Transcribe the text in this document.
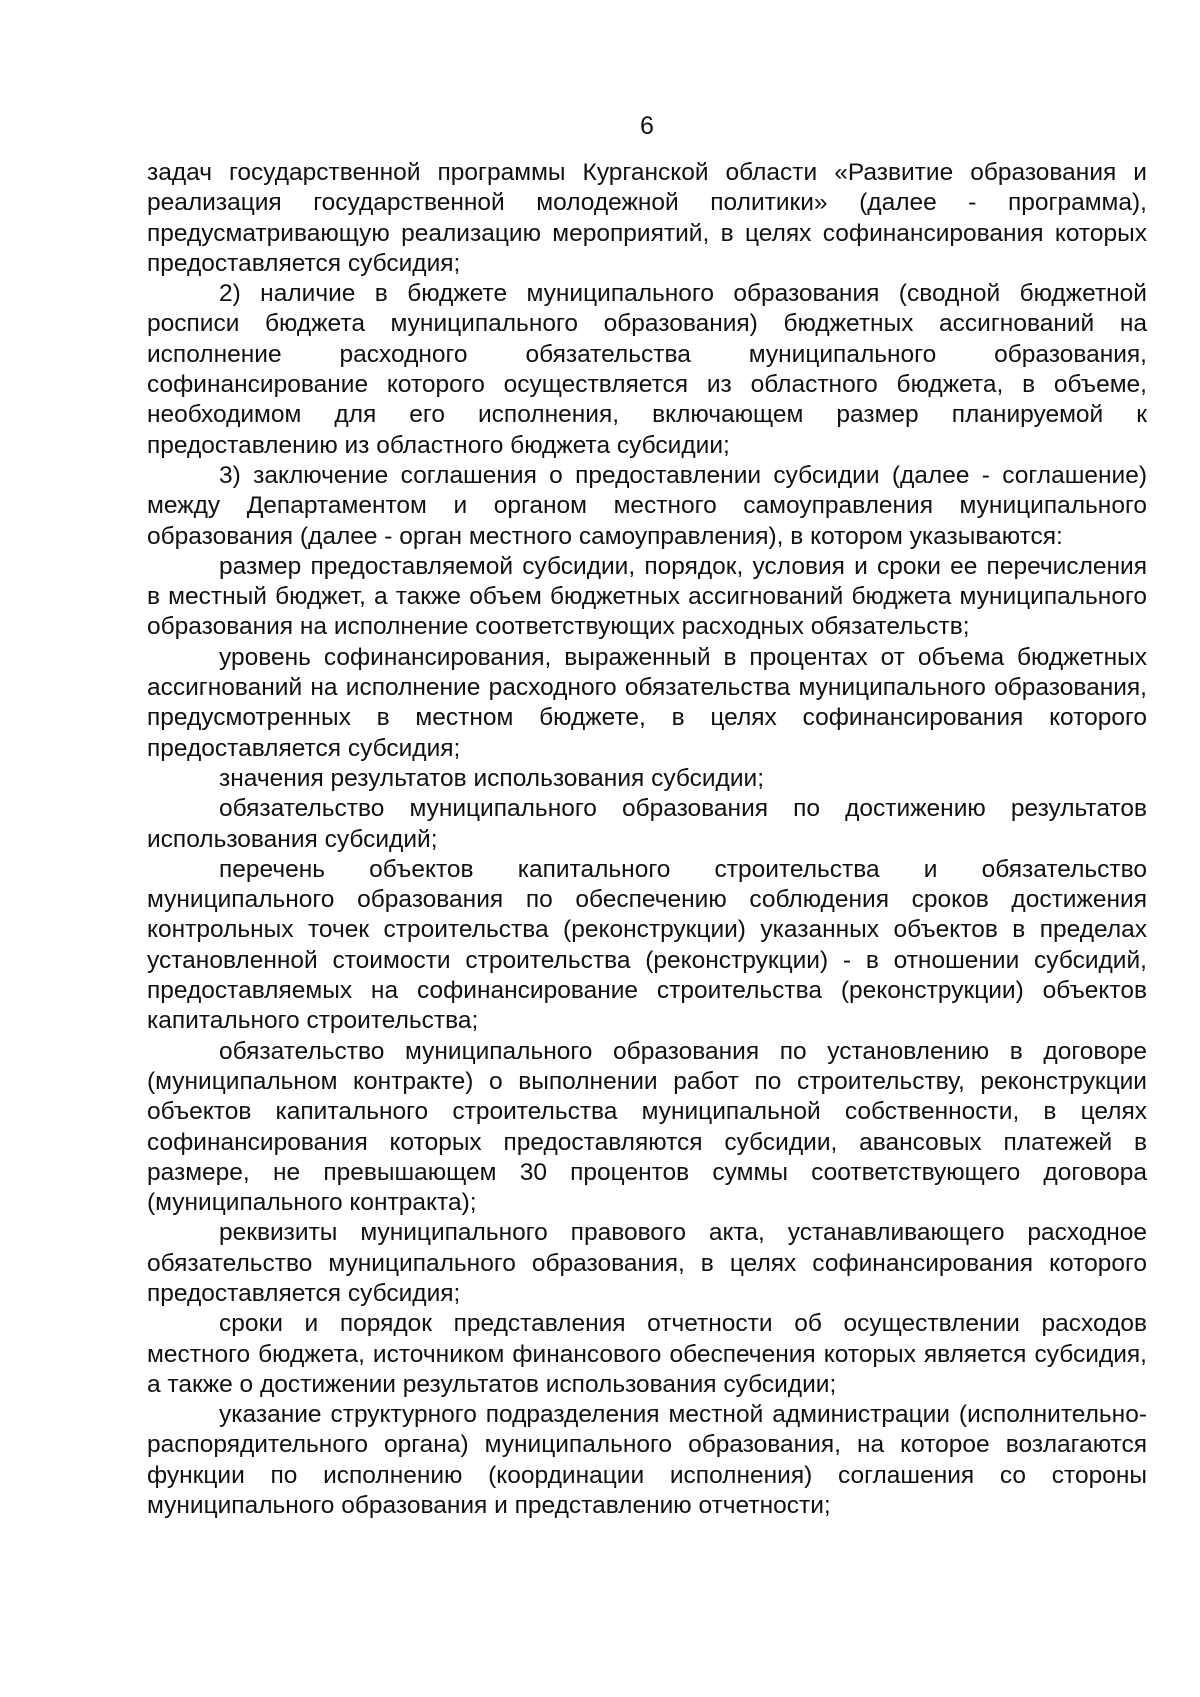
6

задач государственной программы Курганской области «Развитие образования и реализация государственной молодежной политики» (далее - программа), предусматривающую реализацию мероприятий, в целях софинансирования которых предоставляется субсидия;

2) наличие в бюджете муниципального образования (сводной бюджетной росписи бюджета муниципального образования) бюджетных ассигнований на исполнение расходного обязательства муниципального образования, софинансирование которого осуществляется из областного бюджета, в объеме, необходимом для его исполнения, включающем размер планируемой к предоставлению из областного бюджета субсидии;

3) заключение соглашения о предоставлении субсидии (далее - соглашение) между Департаментом и органом местного самоуправления муниципального образования (далее - орган местного самоуправления), в котором указываются:

размер предоставляемой субсидии, порядок, условия и сроки ее перечисления в местный бюджет, а также объем бюджетных ассигнований бюджета муниципального образования на исполнение соответствующих расходных обязательств;

уровень софинансирования, выраженный в процентах от объема бюджетных ассигнований на исполнение расходного обязательства муниципального образования, предусмотренных в местном бюджете, в целях софинансирования которого предоставляется субсидия;

значения результатов использования субсидии;

обязательство муниципального образования по достижению результатов использования субсидий;

перечень объектов капитального строительства и обязательство муниципального образования по обеспечению соблюдения сроков достижения контрольных точек строительства (реконструкции) указанных объектов в пределах установленной стоимости строительства (реконструкции) - в отношении субсидий, предоставляемых на софинансирование строительства (реконструкции) объектов капитального строительства;

обязательство муниципального образования по установлению в договоре (муниципальном контракте) о выполнении работ по строительству, реконструкции объектов капитального строительства муниципальной собственности, в целях софинансирования которых предоставляются субсидии, авансовых платежей в размере, не превышающем 30 процентов суммы соответствующего договора (муниципального контракта);

реквизиты муниципального правового акта, устанавливающего расходное обязательство муниципального образования, в целях софинансирования которого предоставляется субсидия;

сроки и порядок представления отчетности об осуществлении расходов местного бюджета, источником финансового обеспечения которых является субсидия, а также о достижении результатов использования субсидии;

указание структурного подразделения местной администрации (исполнительно-распорядительного органа) муниципального образования, на которое возлагаются функции по исполнению (координации исполнения) соглашения со стороны муниципального образования и представлению отчетности;
